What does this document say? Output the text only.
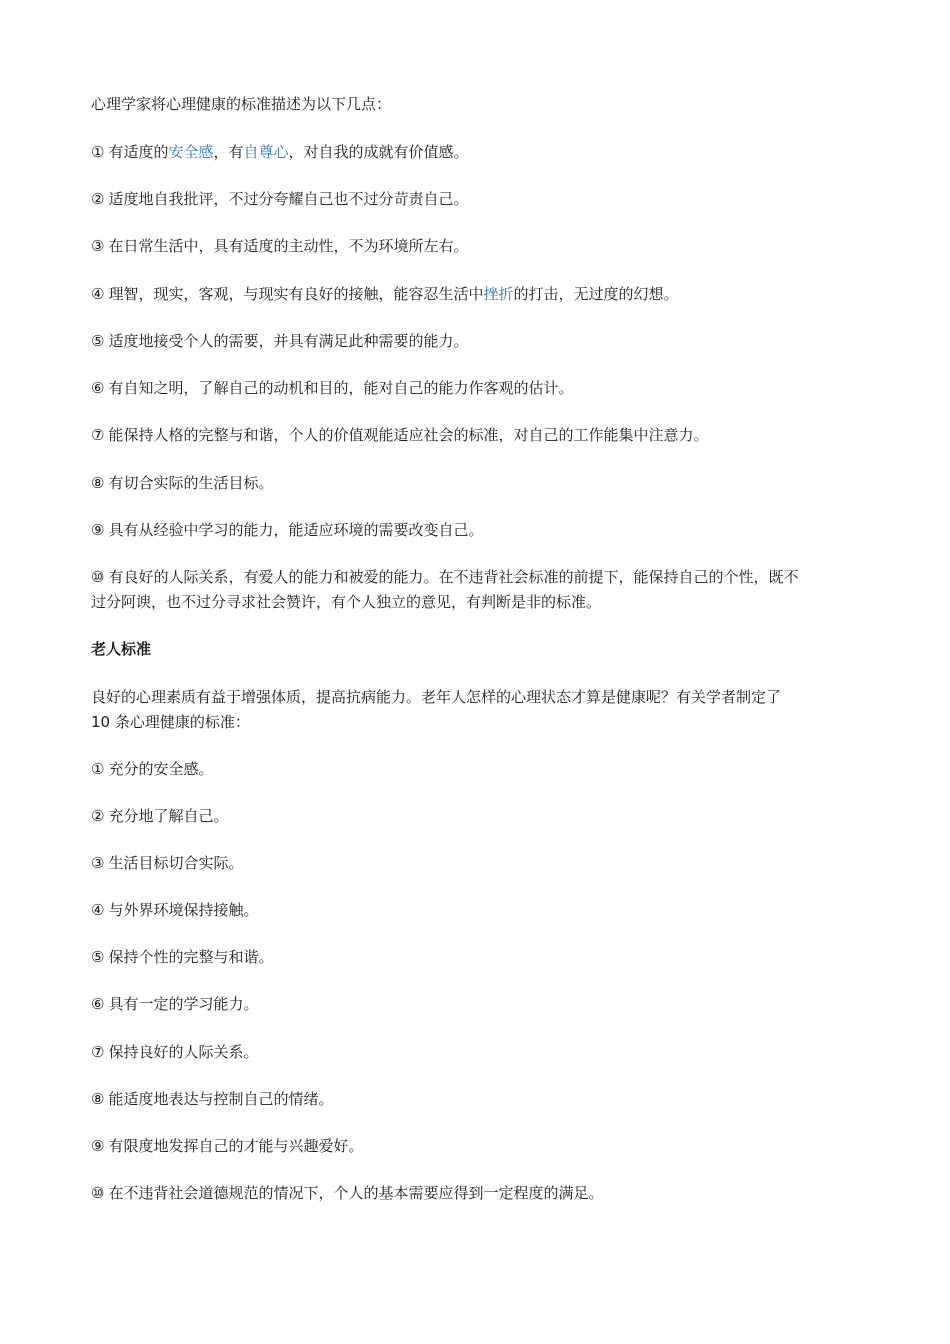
心理学家将心理健康的标准描述为以下几点：
① 有适度的安全感，有自尊心，对自我的成就有价值感。
② 适度地自我批评，不过分夸耀自己也不过分苛责自己。
③ 在日常生活中，具有适度的主动性，不为环境所左右。
④ 理智，现实，客观，与现实有良好的接触，能容忍生活中挫折的打击，无过度的幻想。
⑤ 适度地接受个人的需要，并具有满足此种需要的能力。
⑥ 有自知之明，了解自己的动机和目的，能对自己的能力作客观的估计。
⑦ 能保持人格的完整与和谐，个人的价值观能适应社会的标准，对自己的工作能集中注意力。
⑧ 有切合实际的生活目标。
⑨ 具有从经验中学习的能力，能适应环境的需要改变自己。
⑩ 有良好的人际关系，有爱人的能力和被爱的能力。在不违背社会标准的前提下，能保持自己的个性，既不
过分阿谀，也不过分寻求社会赞许，有个人独立的意见，有判断是非的标准。
老人标准
良好的心理素质有益于增强体质，提高抗病能力。老年人怎样的心理状态才算是健康呢？有关学者制定了
10 条心理健康的标准：
① 充分的安全感。
② 充分地了解自己。
③ 生活目标切合实际。
④ 与外界环境保持接触。
⑤ 保持个性的完整与和谐。
⑥ 具有一定的学习能力。
⑦ 保持良好的人际关系。
⑧ 能适度地表达与控制自己的情绪。
⑨ 有限度地发挥自己的才能与兴趣爱好。
⑩ 在不违背社会道德规范的情况下，个人的基本需要应得到一定程度的满足。
